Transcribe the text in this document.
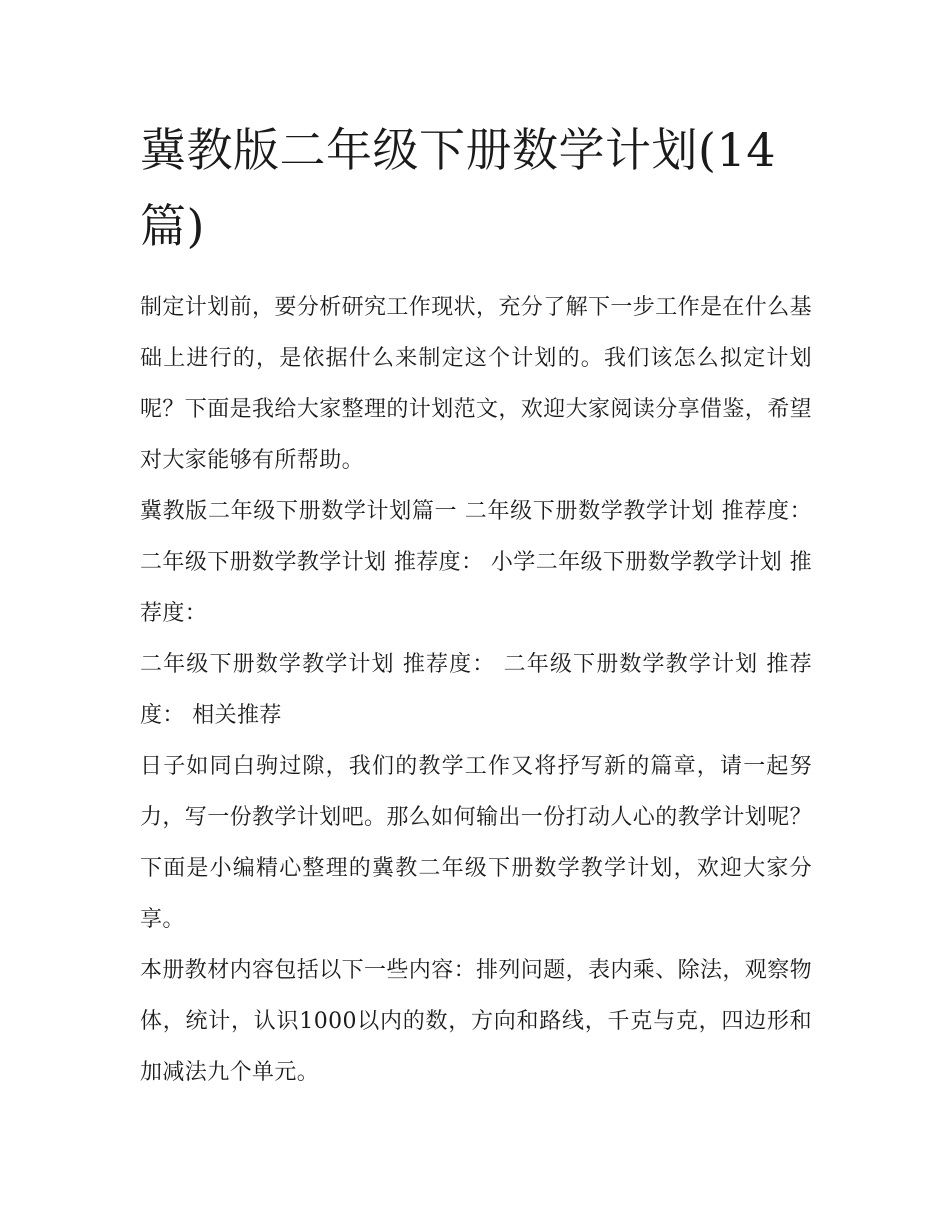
冀教版二年级下册数学计划(14篇)

制定计划前，要分析研究工作现状，充分了解下一步工作是在什么基础上进行的，是依据什么来制定这个计划的。我们该怎么拟定计划呢？下面是我给大家整理的计划范文，欢迎大家阅读分享借鉴，希望对大家能够有所帮助。

冀教版二年级下册数学计划篇一 二年级下册数学教学计划 推荐度： 二年级下册数学教学计划 推荐度： 小学二年级下册数学教学计划 推荐度：

二年级下册数学教学计划 推荐度： 二年级下册数学教学计划 推荐度： 相关推荐

日子如同白驹过隙，我们的教学工作又将抒写新的篇章，请一起努力，写一份教学计划吧。那么如何输出一份打动人心的教学计划呢？下面是小编精心整理的冀教二年级下册数学教学计划，欢迎大家分享。

本册教材内容包括以下一些内容：排列问题，表内乘、除法，观察物体，统计，认识1000以内的数，方向和路线，千克与克，四边形和加减法九个单元。
